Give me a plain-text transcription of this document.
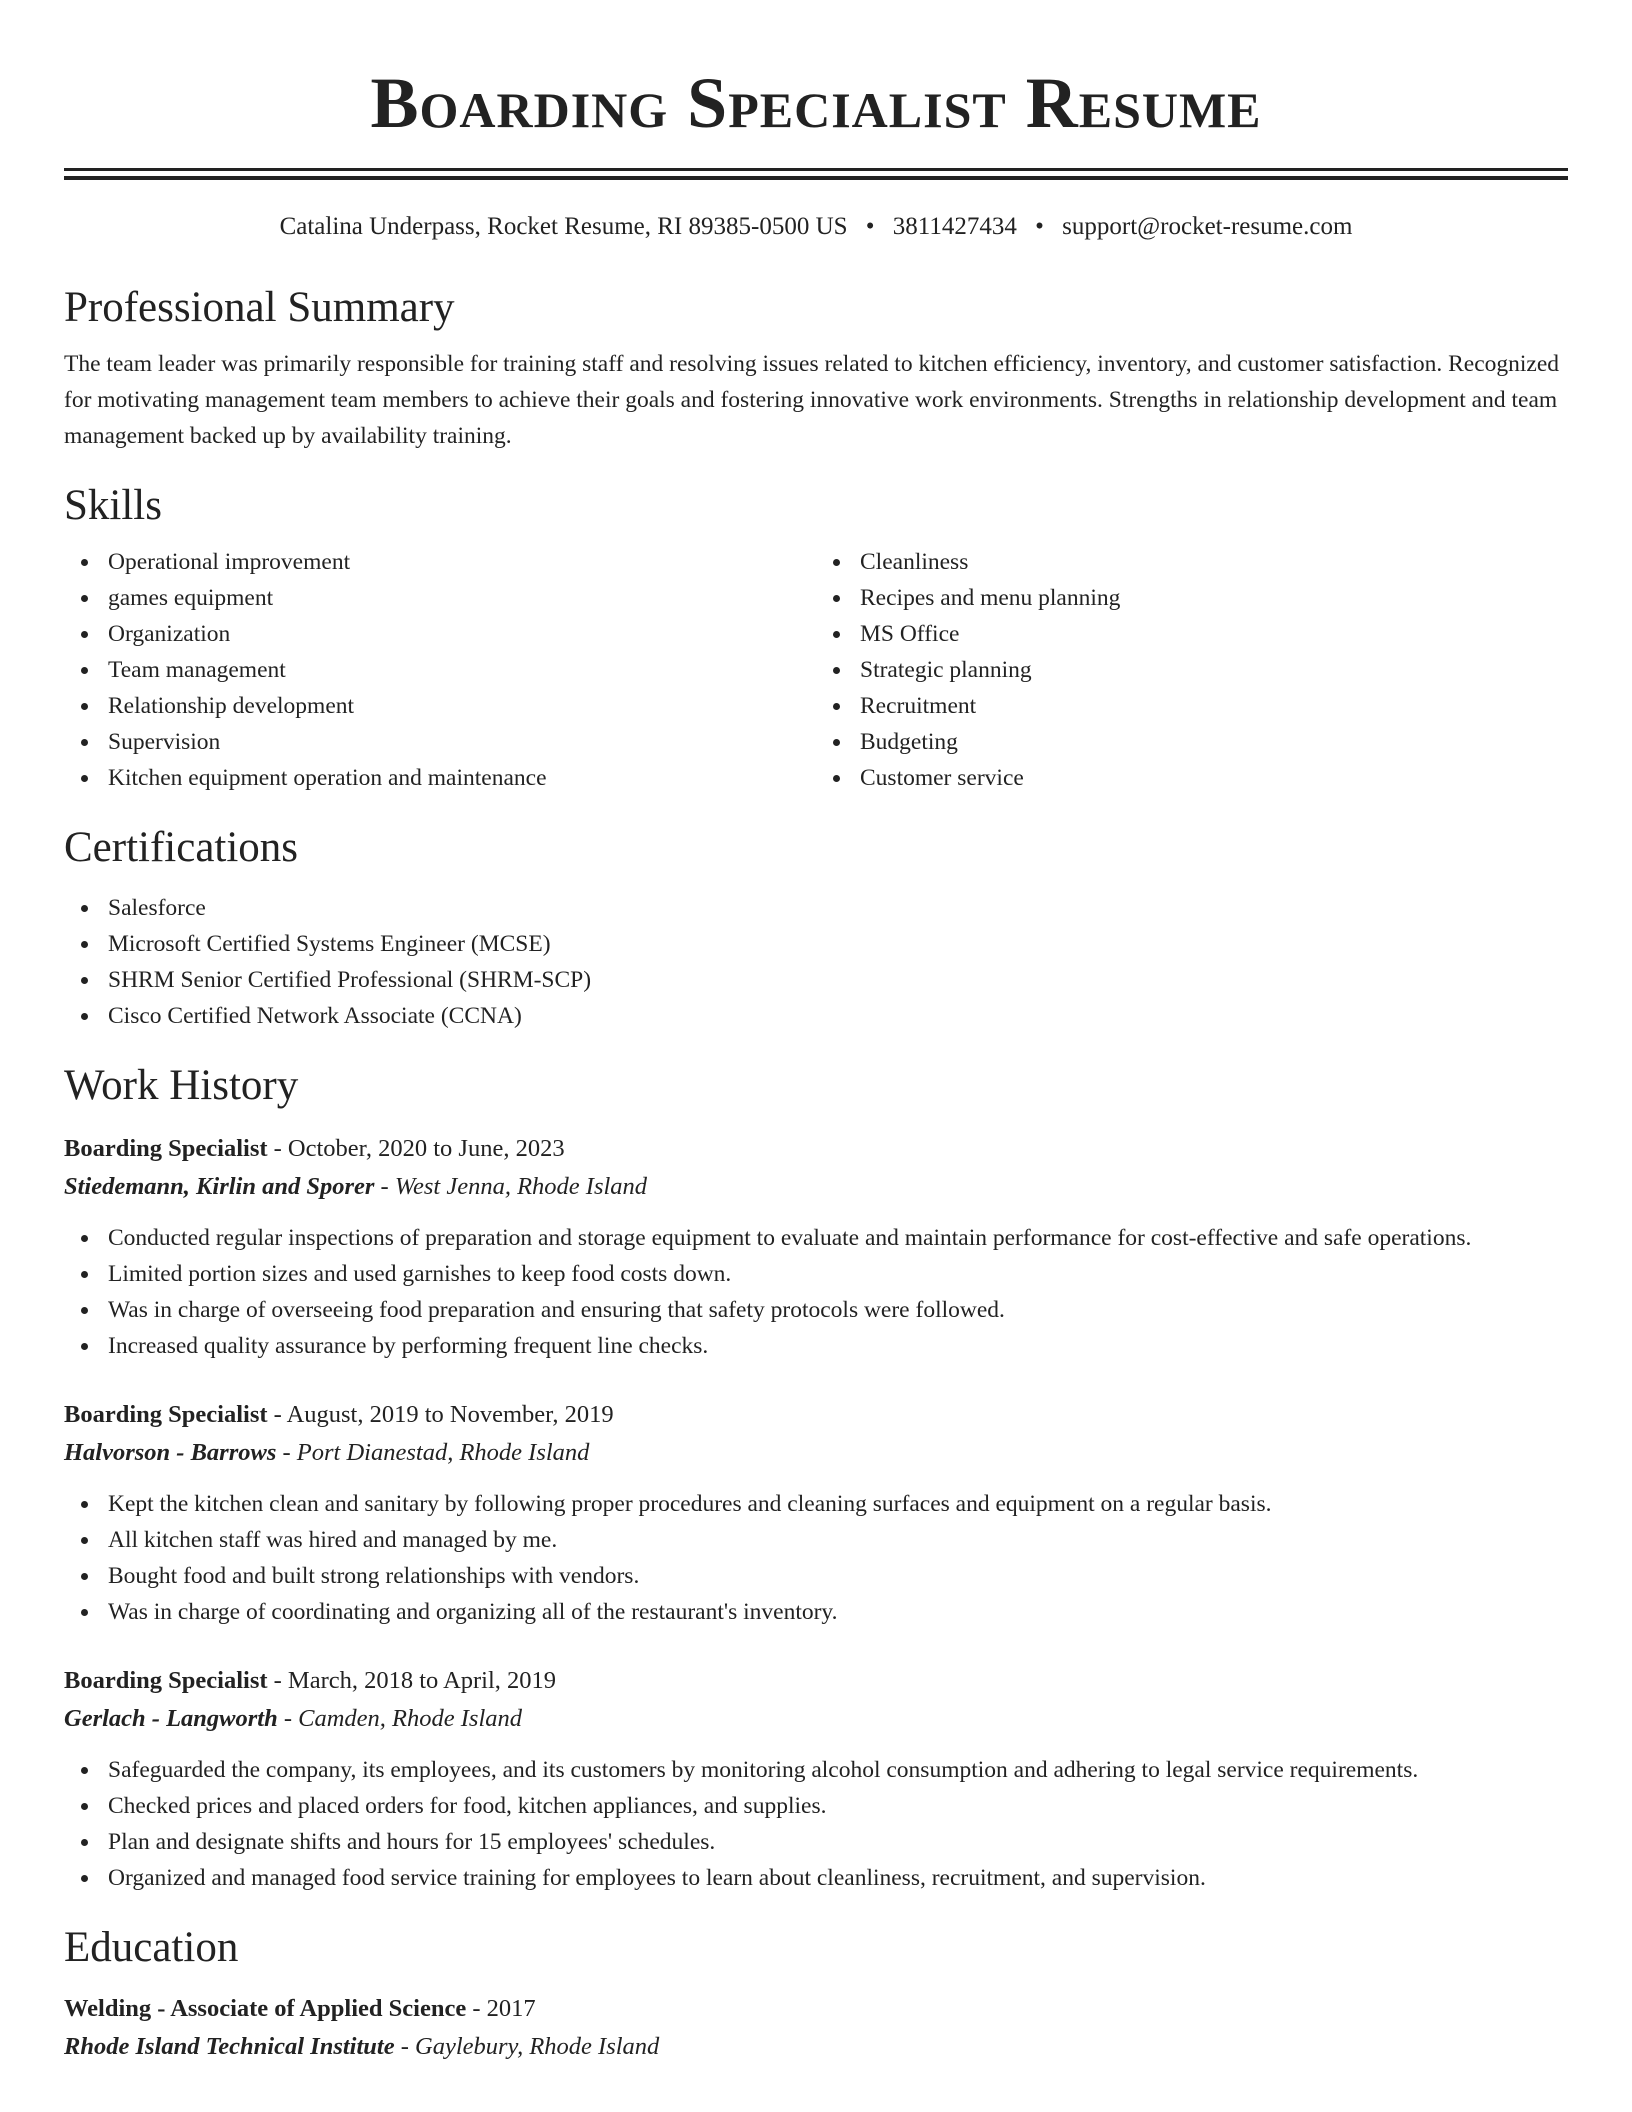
Boarding Specialist Resume
Catalina Underpass, Rocket Resume, RI 89385-0500 US • 3811427434 • support@rocket-resume.com
Professional Summary

The team leader was primarily responsible for training staff and resolving issues related to kitchen efficiency, inventory, and customer satisfaction. Recognized for motivating management team members to achieve their goals and fostering innovative work environments. Strengths in relationship development and team management backed up by availability training.

Skills
Operational improvement
games equipment
Organization
Team management
Relationship development
Supervision
Kitchen equipment operation and maintenance
Cleanliness
Recipes and menu planning
MS Office
Strategic planning
Recruitment
Budgeting
Customer service
Certifications
Salesforce
Microsoft Certified Systems Engineer (MCSE)
SHRM Senior Certified Professional (SHRM-SCP)
Cisco Certified Network Associate (CCNA)
Work History
Boarding Specialist - October, 2020 to June, 2023
Stiedemann, Kirlin and Sporer - West Jenna, Rhode Island
Conducted regular inspections of preparation and storage equipment to evaluate and maintain performance for cost-effective and safe operations.
Limited portion sizes and used garnishes to keep food costs down.
Was in charge of overseeing food preparation and ensuring that safety protocols were followed.
Increased quality assurance by performing frequent line checks.
Boarding Specialist - August, 2019 to November, 2019
Halvorson - Barrows - Port Dianestad, Rhode Island
Kept the kitchen clean and sanitary by following proper procedures and cleaning surfaces and equipment on a regular basis.
All kitchen staff was hired and managed by me.
Bought food and built strong relationships with vendors.
Was in charge of coordinating and organizing all of the restaurant's inventory.
Boarding Specialist - March, 2018 to April, 2019
Gerlach - Langworth - Camden, Rhode Island
Safeguarded the company, its employees, and its customers by monitoring alcohol consumption and adhering to legal service requirements.
Checked prices and placed orders for food, kitchen appliances, and supplies.
Plan and designate shifts and hours for 15 employees' schedules.
Organized and managed food service training for employees to learn about cleanliness, recruitment, and supervision.
Education
Welding - Associate of Applied Science - 2017
Rhode Island Technical Institute - Gaylebury, Rhode Island
